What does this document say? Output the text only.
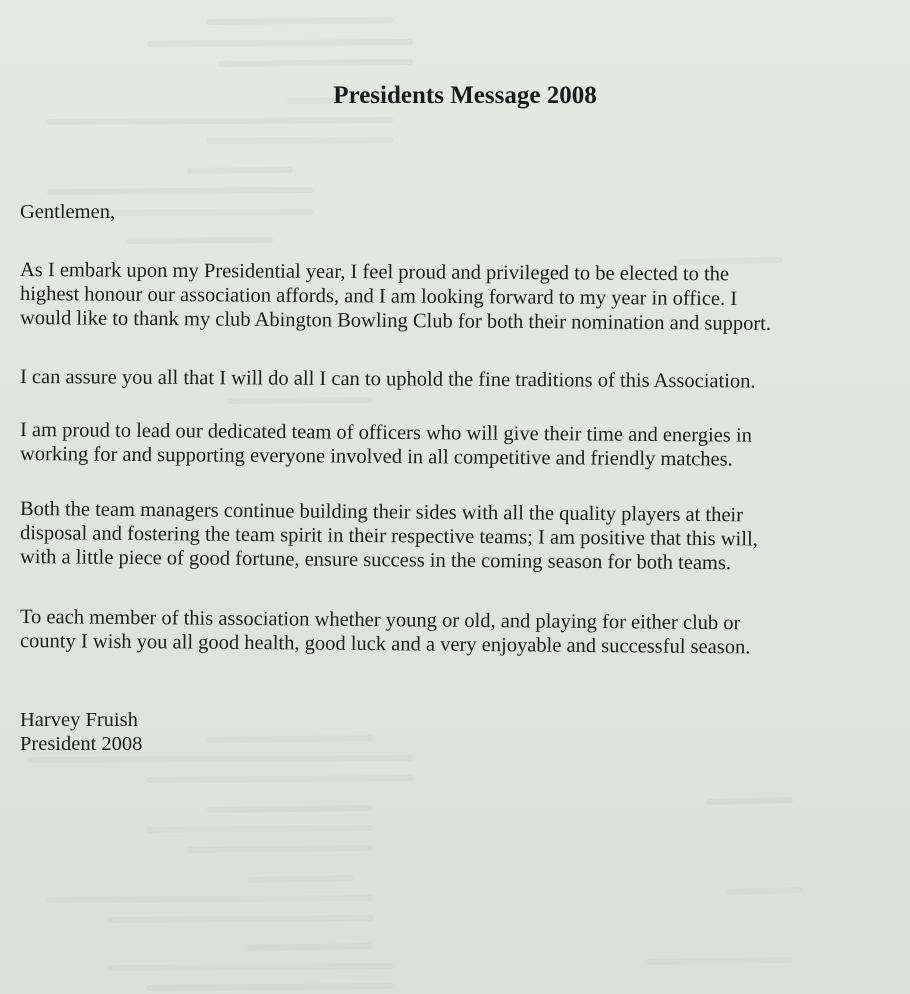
Presidents Message 2008
Gentlemen,
As I embark upon my Presidential year, I feel proud and privileged to be elected to the
highest honour our association affords, and I am looking forward to my year in office. I
would like to thank my club Abington Bowling Club for both their nomination and support.
I can assure you all that I will do all I can to uphold the fine traditions of this Association.
I am proud to lead our dedicated team of officers who will give their time and energies in
working for and supporting everyone involved in all competitive and friendly matches.
Both the team managers continue building their sides with all the quality players at their
disposal and fostering the team spirit in their respective teams; I am positive that this will,
with a little piece of good fortune, ensure success in the coming season for both teams.
To each member of this association whether young or old, and playing for either club or
county I wish you all good health, good luck and a very enjoyable and successful season.
Harvey Fruish
President 2008
